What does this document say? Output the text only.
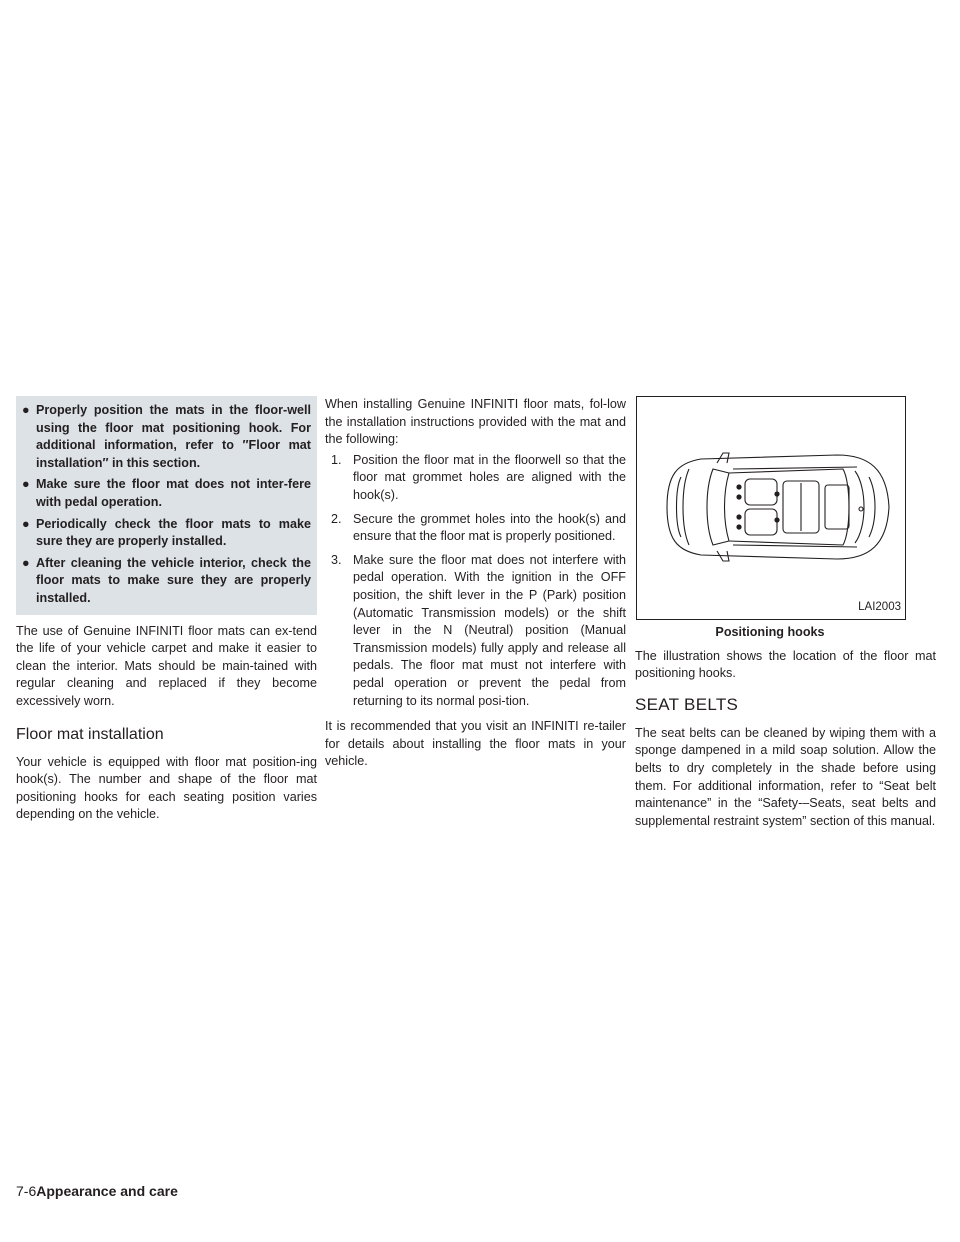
● Properly position the mats in the floor-well using the floor mat positioning hook. For additional information, refer to ″Floor mat installation″ in this section.
● Make sure the floor mat does not inter-fere with pedal operation.
● Periodically check the floor mats to make sure they are properly installed.
● After cleaning the vehicle interior, check the floor mats to make sure they are properly installed.

The use of Genuine INFINITI floor mats can ex-tend the life of your vehicle carpet and make it easier to clean the interior. Mats should be main-tained with regular cleaning and replaced if they become excessively worn.

Floor mat installation

Your vehicle is equipped with floor mat position-ing hook(s). The number and shape of the floor mat positioning hooks for each seating position varies depending on the vehicle.

When installing Genuine INFINITI floor mats, fol-low the installation instructions provided with the mat and the following:

1. Position the floor mat in the floorwell so that the floor mat grommet holes are aligned with the hook(s).
2. Secure the grommet holes into the hook(s) and ensure that the floor mat is properly positioned.
3. Make sure the floor mat does not interfere with pedal operation. With the ignition in the OFF position, the shift lever in the P (Park) position (Automatic Transmission models) or the shift lever in the N (Neutral) position (Manual Transmission models) fully apply and release all pedals. The floor mat must not interfere with pedal operation or prevent the pedal from returning to its normal posi-tion.

It is recommended that you visit an INFINITI re-tailer for details about installing the floor mats in your vehicle.

LAI2003
Positioning hooks

The illustration shows the location of the floor mat positioning hooks.

SEAT BELTS

The seat belts can be cleaned by wiping them with a sponge dampened in a mild soap solution. Allow the belts to dry completely in the shade before using them. For additional information, refer to “Seat belt maintenance” in the “Safety-–Seats, seat belts and supplemental restraint system” section of this manual.

7-6Appearance and care
